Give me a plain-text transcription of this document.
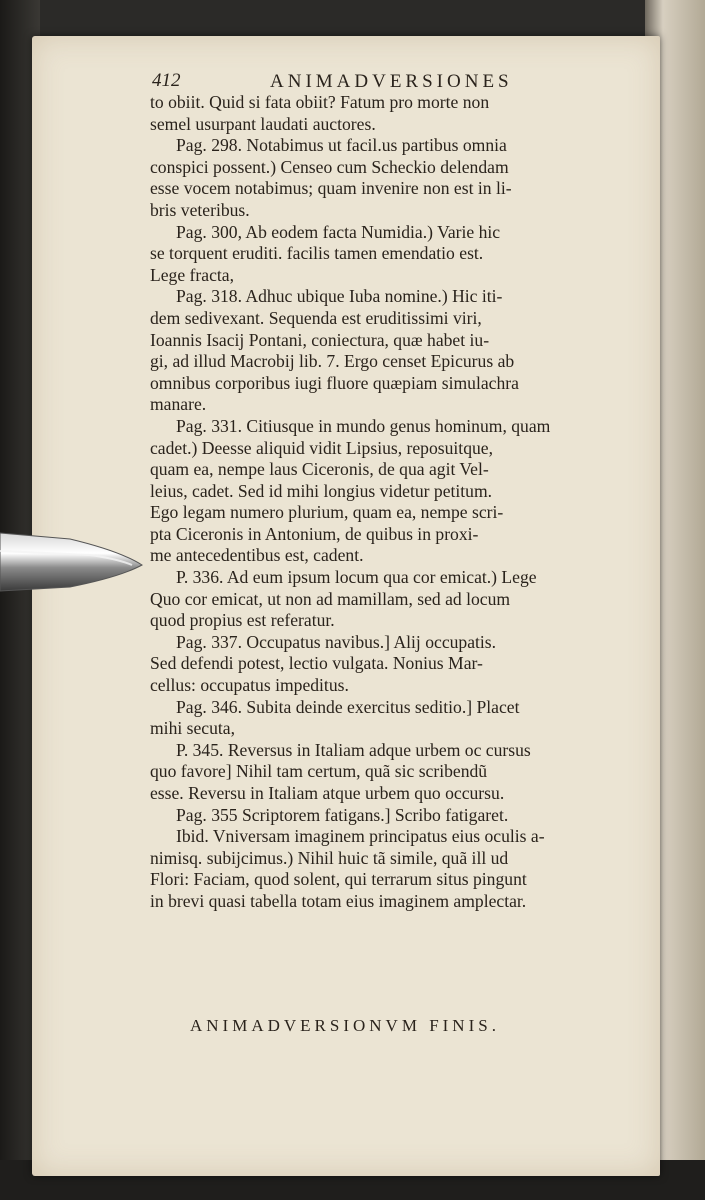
412	ANIMADVERSIONES
to obiit. Quid si fata obiit? Fatum pro morte non
semel usurpant laudati auctores.
Pag. 298. Notabimus ut facil.us partibus omnia
conspici possent.) Censeo cum Scheckio delendam
esse vocem notabimus; quam invenire non est in li-
bris veteribus.
Pag. 300, Ab eodem facta Numidia.) Varie hic
se torquent eruditi. facilis tamen emendatio est.
Lege fracta,
Pag. 318. Adhuc ubique Iuba nomine.) Hic iti-
dem sedivexant. Sequenda est eruditissimi viri,
Ioannis Isacij Pontani, coniectura, quæ habet iu-
gi, ad illud Macrobij lib. 7. Ergo censet Epicurus ab
omnibus corporibus iugi fluore quæpiam simulachra
manare.
Pag. 331. Citiusque in mundo genus hominum, quam
cadet.) Deesse aliquid vidit Lipsius, reposuitque,
quam ea, nempe laus Ciceronis, de qua agit Vel-
leius, cadet. Sed id mihi longius videtur petitum.
Ego legam numero plurium, quam ea, nempe scri-
pta Ciceronis in Antonium, de quibus in proxi-
me antecedentibus est, cadent.
P. 336. Ad eum ipsum locum qua cor emicat.) Lege
Quo cor emicat, ut non ad mamillam, sed ad locum
quod propius est referatur.
Pag. 337. Occupatus navibus.] Alij occupatis.
Sed defendi potest, lectio vulgata. Nonius Mar-
cellus: occupatus impeditus.
Pag. 346. Subita deinde exercitus seditio.] Placet
mihi secuta,
P. 345. Reversus in Italiam adque urbem oc cursus
quo favore] Nihil tam certum, quã sic scribendũ
esse. Reversu in Italiam atque urbem quo occursu.
Pag. 355 Scriptorem fatigans.] Scribo fatigaret.
Ibid. Vniversam imaginem principatus eius oculis a-
nimisq. subijcimus.) Nihil huic tã simile, quã ill ud
Flori: Faciam, quod solent, qui terrarum situs pingunt
in brevi quasi tabella totam eius imaginem amplectar.
ANIMADVERSIONVM FINIS.
